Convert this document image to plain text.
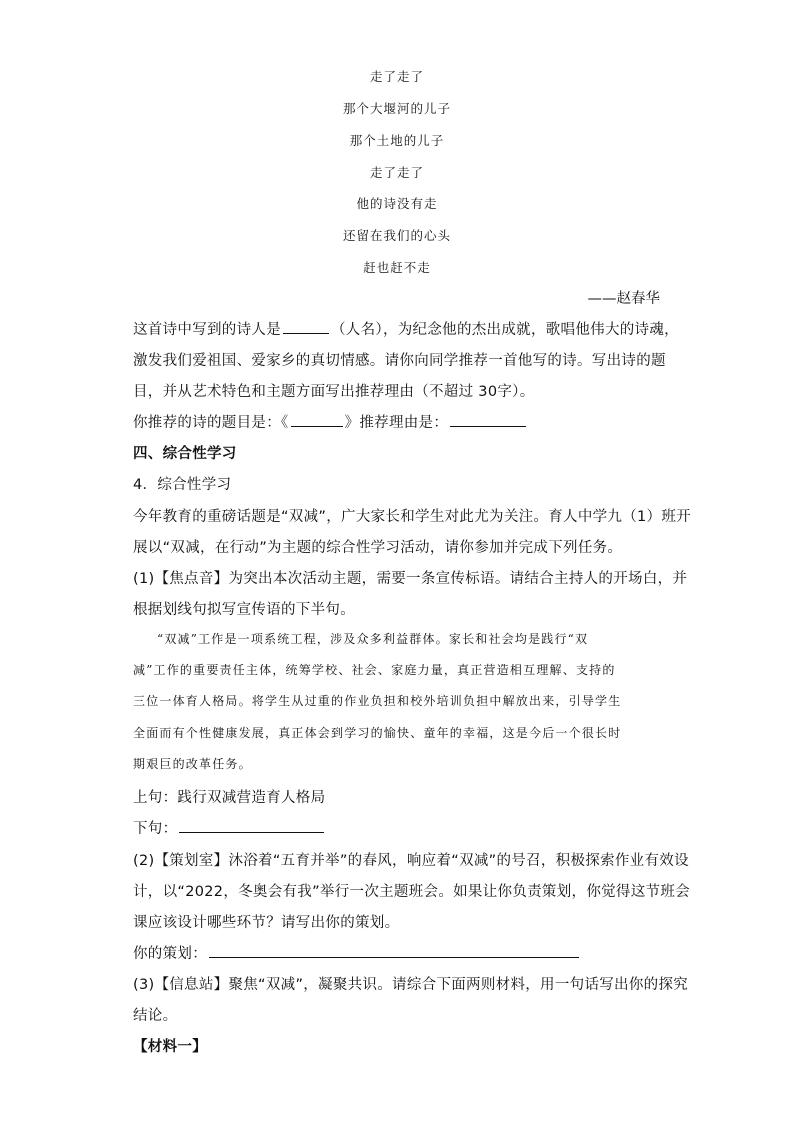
走了走了
那个大堰河的儿子
那个土地的儿子
走了走了
他的诗没有走
还留在我们的心头
赶也赶不走
——赵春华
这首诗中写到的诗人是	（人名），为纪念他的杰出成就，歌唱他伟大的诗魂，
激发我们爱祖国、爱家乡的真切情感。请你向同学推荐一首他写的诗。写出诗的题
目，并从艺术特色和主题方面写出推荐理由（不超过 30字）。
你推荐的诗的题目是：《	》推荐理由是：
四、综合性学习
4．综合性学习
今年教育的重磅话题是“双减”，广大家长和学生对此尤为关注。育人中学九（1）班开
展以“双减，在行动”为主题的综合性学习活动，请你参加并完成下列任务。
(1)【焦点音】为突出本次活动主题，需要一条宣传标语。请结合主持人的开场白，并
根据划线句拟写宣传语的下半句。
“双减”工作是一项系统工程，涉及众多利益群体。家长和社会均是践行“双
减”工作的重要责任主体，统筹学校、社会、家庭力量，真正营造相互理解、支持的
三位一体育人格局。将学生从过重的作业负担和校外培训负担中解放出来，引导学生
全面而有个性健康发展，真正体会到学习的愉快、童年的幸福，这是今后一个很长时
期艰巨的改革任务。
上句：践行双减营造育人格局
下句：
(2)【策划室】沐浴着“五育并举”的春风，响应着“双减”的号召，积极探索作业有效设
计，以“2022，冬奥会有我”举行一次主题班会。如果让你负责策划，你觉得这节班会
课应该设计哪些环节？请写出你的策划。
你的策划：
(3)【信息站】聚焦“双减”，凝聚共识。请综合下面两则材料，用一句话写出你的探究
结论。
【材料一】
